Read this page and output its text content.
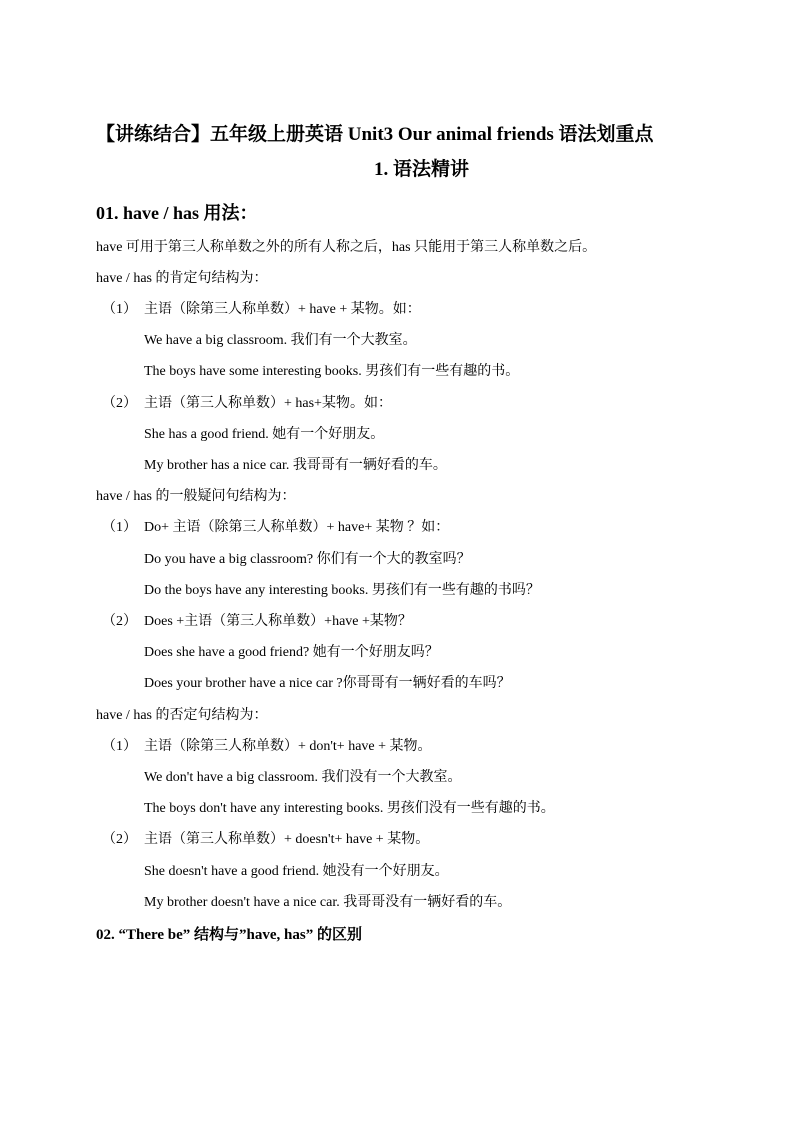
【讲练结合】五年级上册英语 Unit3 Our animal friends 语法划重点
1. 语法精讲
01. have / has 用法：
have 可用于第三人称单数之外的所有人称之后，has 只能用于第三人称单数之后。
have / has 的肯定句结构为：
（1） 主语（除第三人称单数）+ have + 某物。如：
We have a big classroom. 我们有一个大教室。
The boys have some interesting books. 男孩们有一些有趣的书。
（2） 主语（第三人称单数）+ has+某物。如：
She has a good friend. 她有一个好朋友。
My brother has a nice car. 我哥哥有一辆好看的车。
have / has 的一般疑问句结构为：
（1） Do+ 主语（除第三人称单数）+ have+ 某物 ？如：
Do you have a big classroom? 你们有一个大的教室吗？
Do the boys have any interesting books. 男孩们有一些有趣的书吗？
（2） Does +主语（第三人称单数）+have +某物？
Does she have a good friend? 她有一个好朋友吗？
Does your brother have a nice car ?你哥哥有一辆好看的车吗？
have / has 的否定句结构为：
（1） 主语（除第三人称单数）+ don't+ have + 某物。
We don't have a big classroom. 我们没有一个大教室。
The boys don't have any interesting books. 男孩们没有一些有趣的书。
（2） 主语（第三人称单数）+ doesn't+ have + 某物。
She doesn't have a good friend. 她没有一个好朋友。
My brother doesn't have a nice car. 我哥哥没有一辆好看的车。
02. “There be” 结构与”have, has” 的区别
